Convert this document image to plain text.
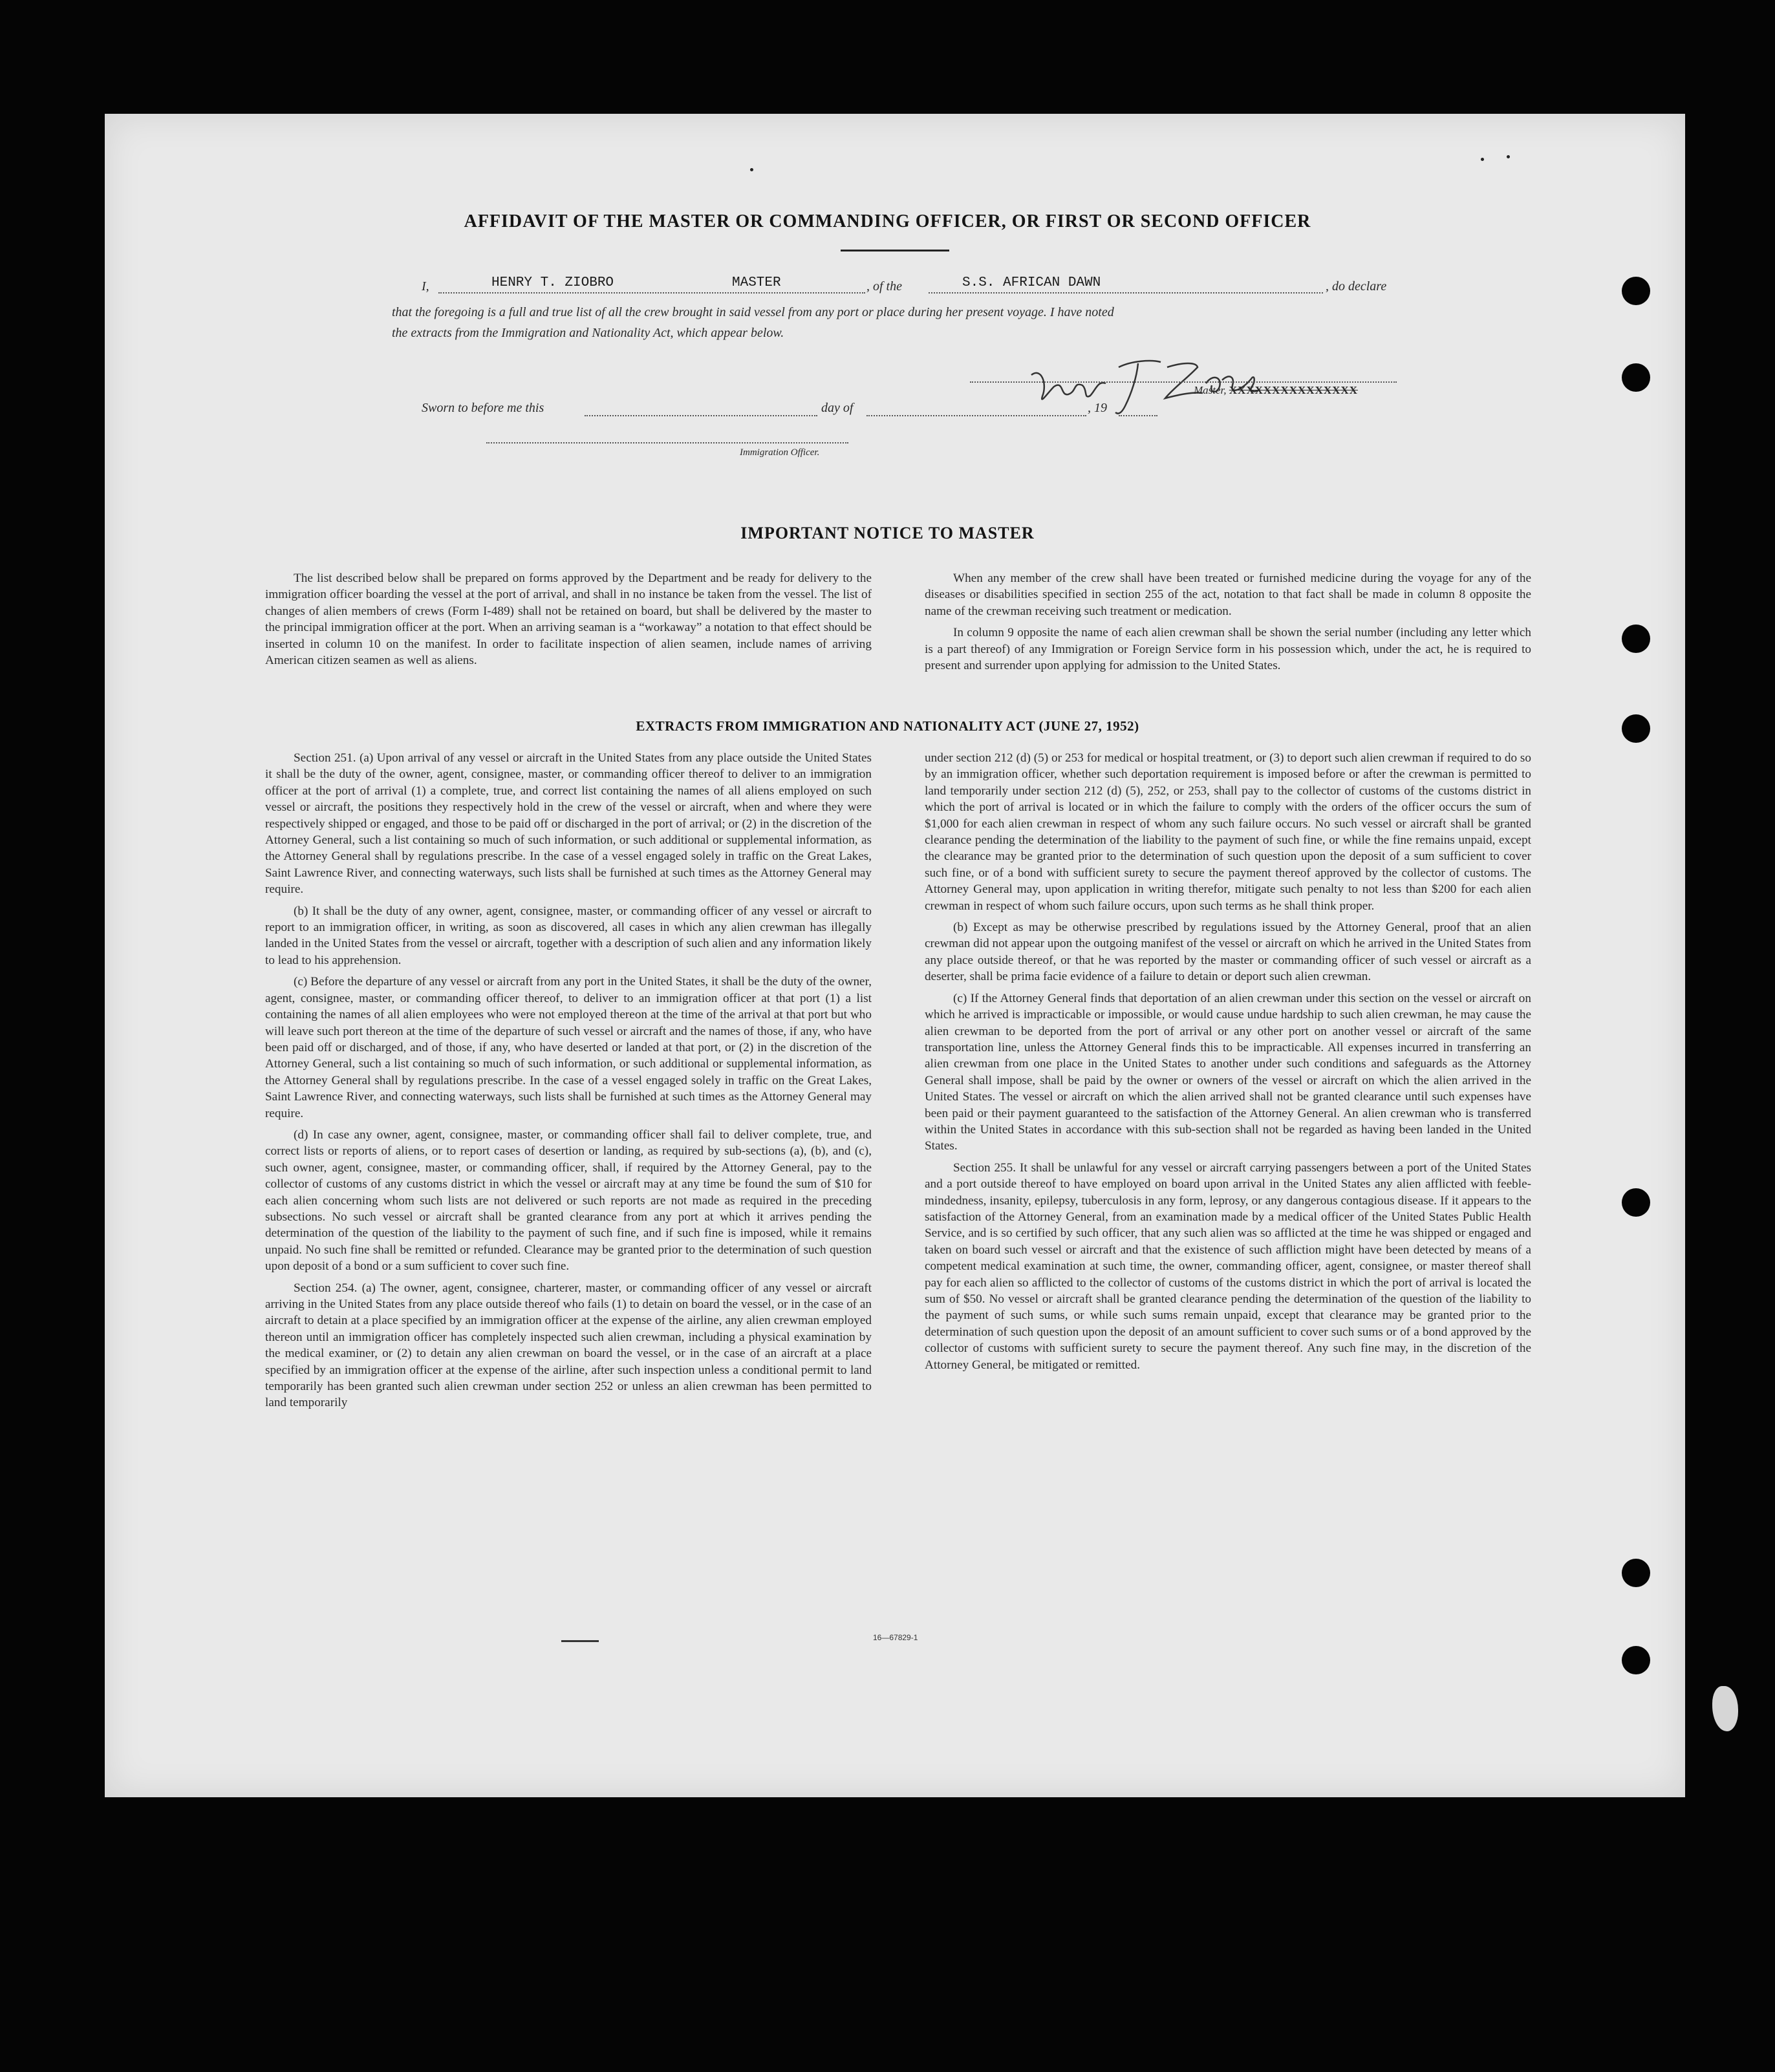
AFFIDAVIT OF THE MASTER OR COMMANDING OFFICER, OR FIRST OR SECOND OFFICER
I,	HENRY T. ZIOBRO	MASTER	, of the	S.S. AFRICAN DAWN	, do declare
that the foregoing is a full and true list of all the crew brought in said vessel from any port or place during her present voyage. I have noted
the extracts from the Immigration and Nationality Act, which appear below.
Master, XXXXXXXXXXXXXXX
Sworn to before me this	day of	, 19
Immigration Officer.
IMPORTANT NOTICE TO MASTER

The list described below shall be prepared on forms approved by the Department and be ready for delivery to the immigration officer boarding the vessel at the port of arrival, and shall in no instance be taken from the vessel. The list of changes of alien members of crews (Form I-489) shall not be retained on board, but shall be delivered by the master to the principal immigration officer at the port. When an arriving seaman is a “workaway” a notation to that effect should be inserted in column 10 on the manifest. In order to facilitate inspection of alien seamen, include names of arriving American citizen seamen as well as aliens.

When any member of the crew shall have been treated or furnished medicine during the voyage for any of the diseases or disabilities specified in section 255 of the act, notation to that fact shall be made in column 8 opposite the name of the crewman receiving such treatment or medication.

In column 9 opposite the name of each alien crewman shall be shown the serial number (including any letter which is a part thereof) of any Immigration or Foreign Service form in his possession which, under the act, he is required to present and surrender upon applying for admission to the United States.

EXTRACTS FROM IMMIGRATION AND NATIONALITY ACT (JUNE 27, 1952)

Section 251. (a) Upon arrival of any vessel or aircraft in the United States from any place outside the United States it shall be the duty of the owner, agent, consignee, master, or commanding officer thereof to deliver to an immigration officer at the port of arrival (1) a complete, true, and correct list containing the names of all aliens employed on such vessel or aircraft, the positions they respectively hold in the crew of the vessel or aircraft, when and where they were respectively shipped or engaged, and those to be paid off or discharged in the port of arrival; or (2) in the discretion of the Attorney General, such a list containing so much of such information, or such additional or supplemental information, as the Attorney General shall by regulations prescribe. In the case of a vessel engaged solely in traffic on the Great Lakes, Saint Lawrence River, and connecting waterways, such lists shall be furnished at such times as the Attorney General may require.

(b) It shall be the duty of any owner, agent, consignee, master, or commanding officer of any vessel or aircraft to report to an immigration officer, in writing, as soon as discovered, all cases in which any alien crewman has illegally landed in the United States from the vessel or aircraft, together with a description of such alien and any information likely to lead to his apprehension.

(c) Before the departure of any vessel or aircraft from any port in the United States, it shall be the duty of the owner, agent, consignee, master, or commanding officer thereof, to deliver to an immigration officer at that port (1) a list containing the names of all alien employees who were not employed thereon at the time of the arrival at that port but who will leave such port thereon at the time of the departure of such vessel or aircraft and the names of those, if any, who have been paid off or discharged, and of those, if any, who have deserted or landed at that port, or (2) in the discretion of the Attorney General, such a list containing so much of such information, or such additional or supplemental information, as the Attorney General shall by regulations prescribe. In the case of a vessel engaged solely in traffic on the Great Lakes, Saint Lawrence River, and connecting waterways, such lists shall be furnished at such times as the Attorney General may require.

(d) In case any owner, agent, consignee, master, or commanding officer shall fail to deliver complete, true, and correct lists or reports of aliens, or to report cases of desertion or landing, as required by sub-sections (a), (b), and (c), such owner, agent, consignee, master, or commanding officer, shall, if required by the Attorney General, pay to the collector of customs of any customs district in which the vessel or aircraft may at any time be found the sum of $10 for each alien concerning whom such lists are not delivered or such reports are not made as required in the preceding subsections. No such vessel or aircraft shall be granted clearance from any port at which it arrives pending the determination of the question of the liability to the payment of such fine, and if such fine is imposed, while it remains unpaid. No such fine shall be remitted or refunded. Clearance may be granted prior to the determination of such question upon deposit of a bond or a sum sufficient to cover such fine.

Section 254. (a) The owner, agent, consignee, charterer, master, or commanding officer of any vessel or aircraft arriving in the United States from any place outside thereof who fails (1) to detain on board the vessel, or in the case of an aircraft to detain at a place specified by an immigration officer at the expense of the airline, any alien crewman employed thereon until an immigration officer has completely inspected such alien crewman, including a physical examination by the medical examiner, or (2) to detain any alien crewman on board the vessel, or in the case of an aircraft at a place specified by an immigration officer at the expense of the airline, after such inspection unless a conditional permit to land temporarily has been granted such alien crewman under section 252 or unless an alien crewman has been permitted to land temporarily

under section 212 (d) (5) or 253 for medical or hospital treatment, or (3) to deport such alien crewman if required to do so by an immigration officer, whether such deportation requirement is imposed before or after the crewman is permitted to land temporarily under section 212 (d) (5), 252, or 253, shall pay to the collector of customs of the customs district in which the port of arrival is located or in which the failure to comply with the orders of the officer occurs the sum of $1,000 for each alien crewman in respect of whom any such failure occurs. No such vessel or aircraft shall be granted clearance pending the determination of the liability to the payment of such fine, or while the fine remains unpaid, except the clearance may be granted prior to the determination of such question upon the deposit of a sum sufficient to cover such fine, or of a bond with sufficient surety to secure the payment thereof approved by the collector of customs. The Attorney General may, upon application in writing therefor, mitigate such penalty to not less than $200 for each alien crewman in respect of whom such failure occurs, upon such terms as he shall think proper.

(b) Except as may be otherwise prescribed by regulations issued by the Attorney General, proof that an alien crewman did not appear upon the outgoing manifest of the vessel or aircraft on which he arrived in the United States from any place outside thereof, or that he was reported by the master or commanding officer of such vessel or aircraft as a deserter, shall be prima facie evidence of a failure to detain or deport such alien crewman.

(c) If the Attorney General finds that deportation of an alien crewman under this section on the vessel or aircraft on which he arrived is impracticable or impossible, or would cause undue hardship to such alien crewman, he may cause the alien crewman to be deported from the port of arrival or any other port on another vessel or aircraft of the same transportation line, unless the Attorney General finds this to be impracticable. All expenses incurred in transferring an alien crewman from one place in the United States to another under such conditions and safeguards as the Attorney General shall impose, shall be paid by the owner or owners of the vessel or aircraft on which the alien arrived in the United States. The vessel or aircraft on which the alien arrived shall not be granted clearance until such expenses have been paid or their payment guaranteed to the satisfaction of the Attorney General. An alien crewman who is transferred within the United States in accordance with this sub-section shall not be regarded as having been landed in the United States.

Section 255. It shall be unlawful for any vessel or aircraft carrying passengers between a port of the United States and a port outside thereof to have employed on board upon arrival in the United States any alien afflicted with feeble-mindedness, insanity, epilepsy, tuberculosis in any form, leprosy, or any dangerous contagious disease. If it appears to the satisfaction of the Attorney General, from an examination made by a medical officer of the United States Public Health Service, and is so certified by such officer, that any such alien was so afflicted at the time he was shipped or engaged and taken on board such vessel or aircraft and that the existence of such affliction might have been detected by means of a competent medical examination at such time, the owner, commanding officer, agent, consignee, or master thereof shall pay for each alien so afflicted to the collector of customs of the customs district in which the port of arrival is located the sum of $50. No vessel or aircraft shall be granted clearance pending the determination of the question of the liability to the payment of such sums, or while such sums remain unpaid, except that clearance may be granted prior to the determination of such question upon the deposit of an amount sufficient to cover such sums or of a bond approved by the collector of customs with sufficient surety to secure the payment thereof. Any such fine may, in the discretion of the Attorney General, be mitigated or remitted.

16—67829-1
